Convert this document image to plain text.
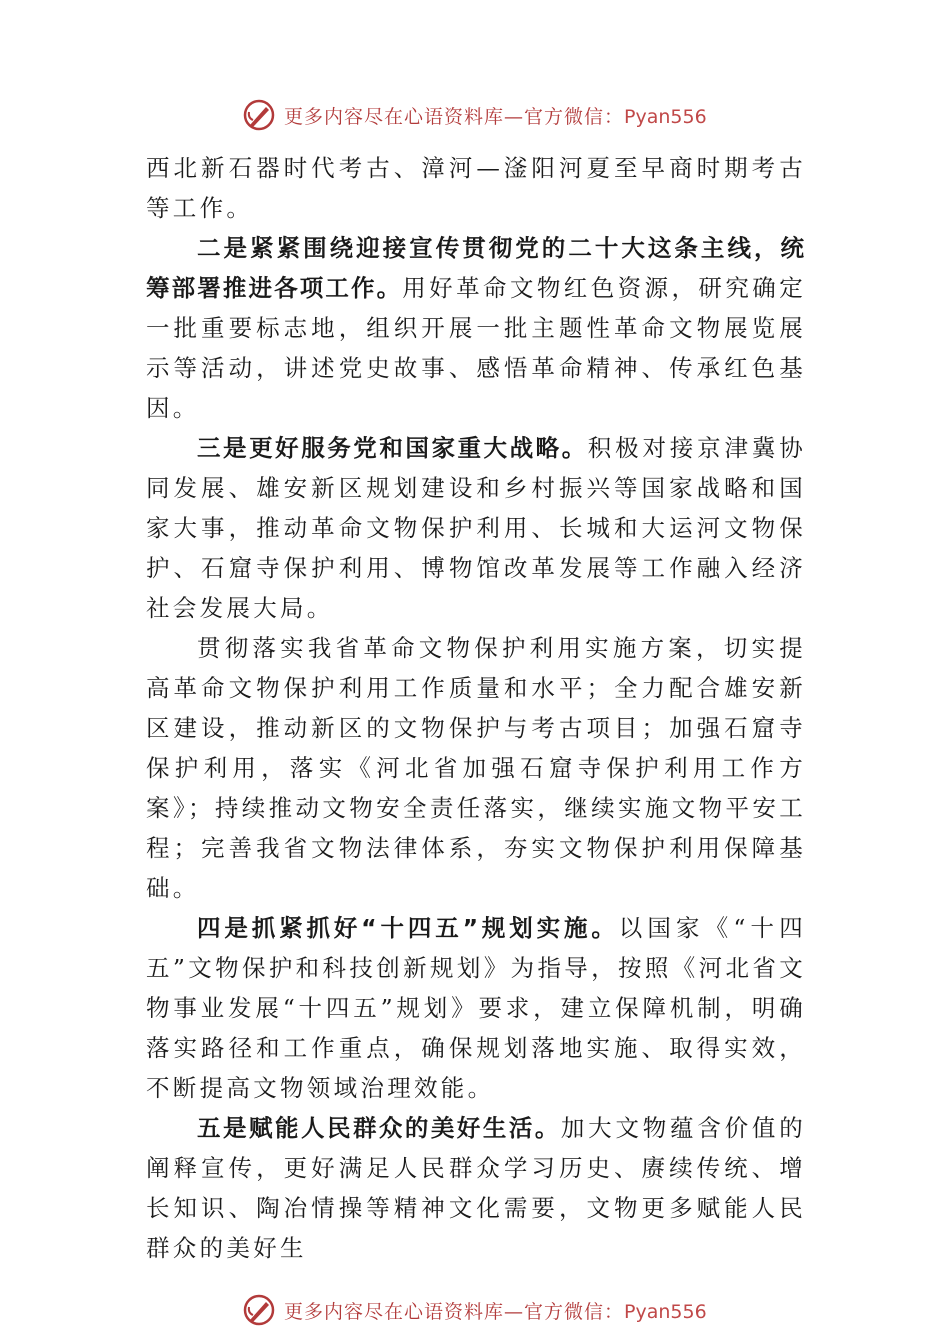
更多内容尽在心语资料库—官方微信：Pyan556

西北新石器时代考古、漳河—滏阳河夏至早商时期考古等工作。

二是紧紧围绕迎接宣传贯彻党的二十大这条主线，统筹部署推进各项工作。用好革命文物红色资源，研究确定一批重要标志地，组织开展一批主题性革命文物展览展示等活动，讲述党史故事、感悟革命精神、传承红色基因。

三是更好服务党和国家重大战略。积极对接京津冀协同发展、雄安新区规划建设和乡村振兴等国家战略和国家大事，推动革命文物保护利用、长城和大运河文物保护、石窟寺保护利用、博物馆改革发展等工作融入经济社会发展大局。

贯彻落实我省革命文物保护利用实施方案，切实提高革命文物保护利用工作质量和水平；全力配合雄安新区建设，推动新区的文物保护与考古项目；加强石窟寺保护利用，落实《河北省加强石窟寺保护利用工作方案》；持续推动文物安全责任落实，继续实施文物平安工程；完善我省文物法律体系，夯实文物保护利用保障基础。

四是抓紧抓好“十四五”规划实施。以国家《“十四五”文物保护和科技创新规划》为指导，按照《河北省文物事业发展“十四五”规划》要求，建立保障机制，明确落实路径和工作重点，确保规划落地实施、取得实效，不断提高文物领域治理效能。

五是赋能人民群众的美好生活。加大文物蕴含价值的阐释宣传，更好满足人民群众学习历史、赓续传统、增长知识、陶冶情操等精神文化需要，文物更多赋能人民群众的美好生

更多内容尽在心语资料库—官方微信：Pyan556
